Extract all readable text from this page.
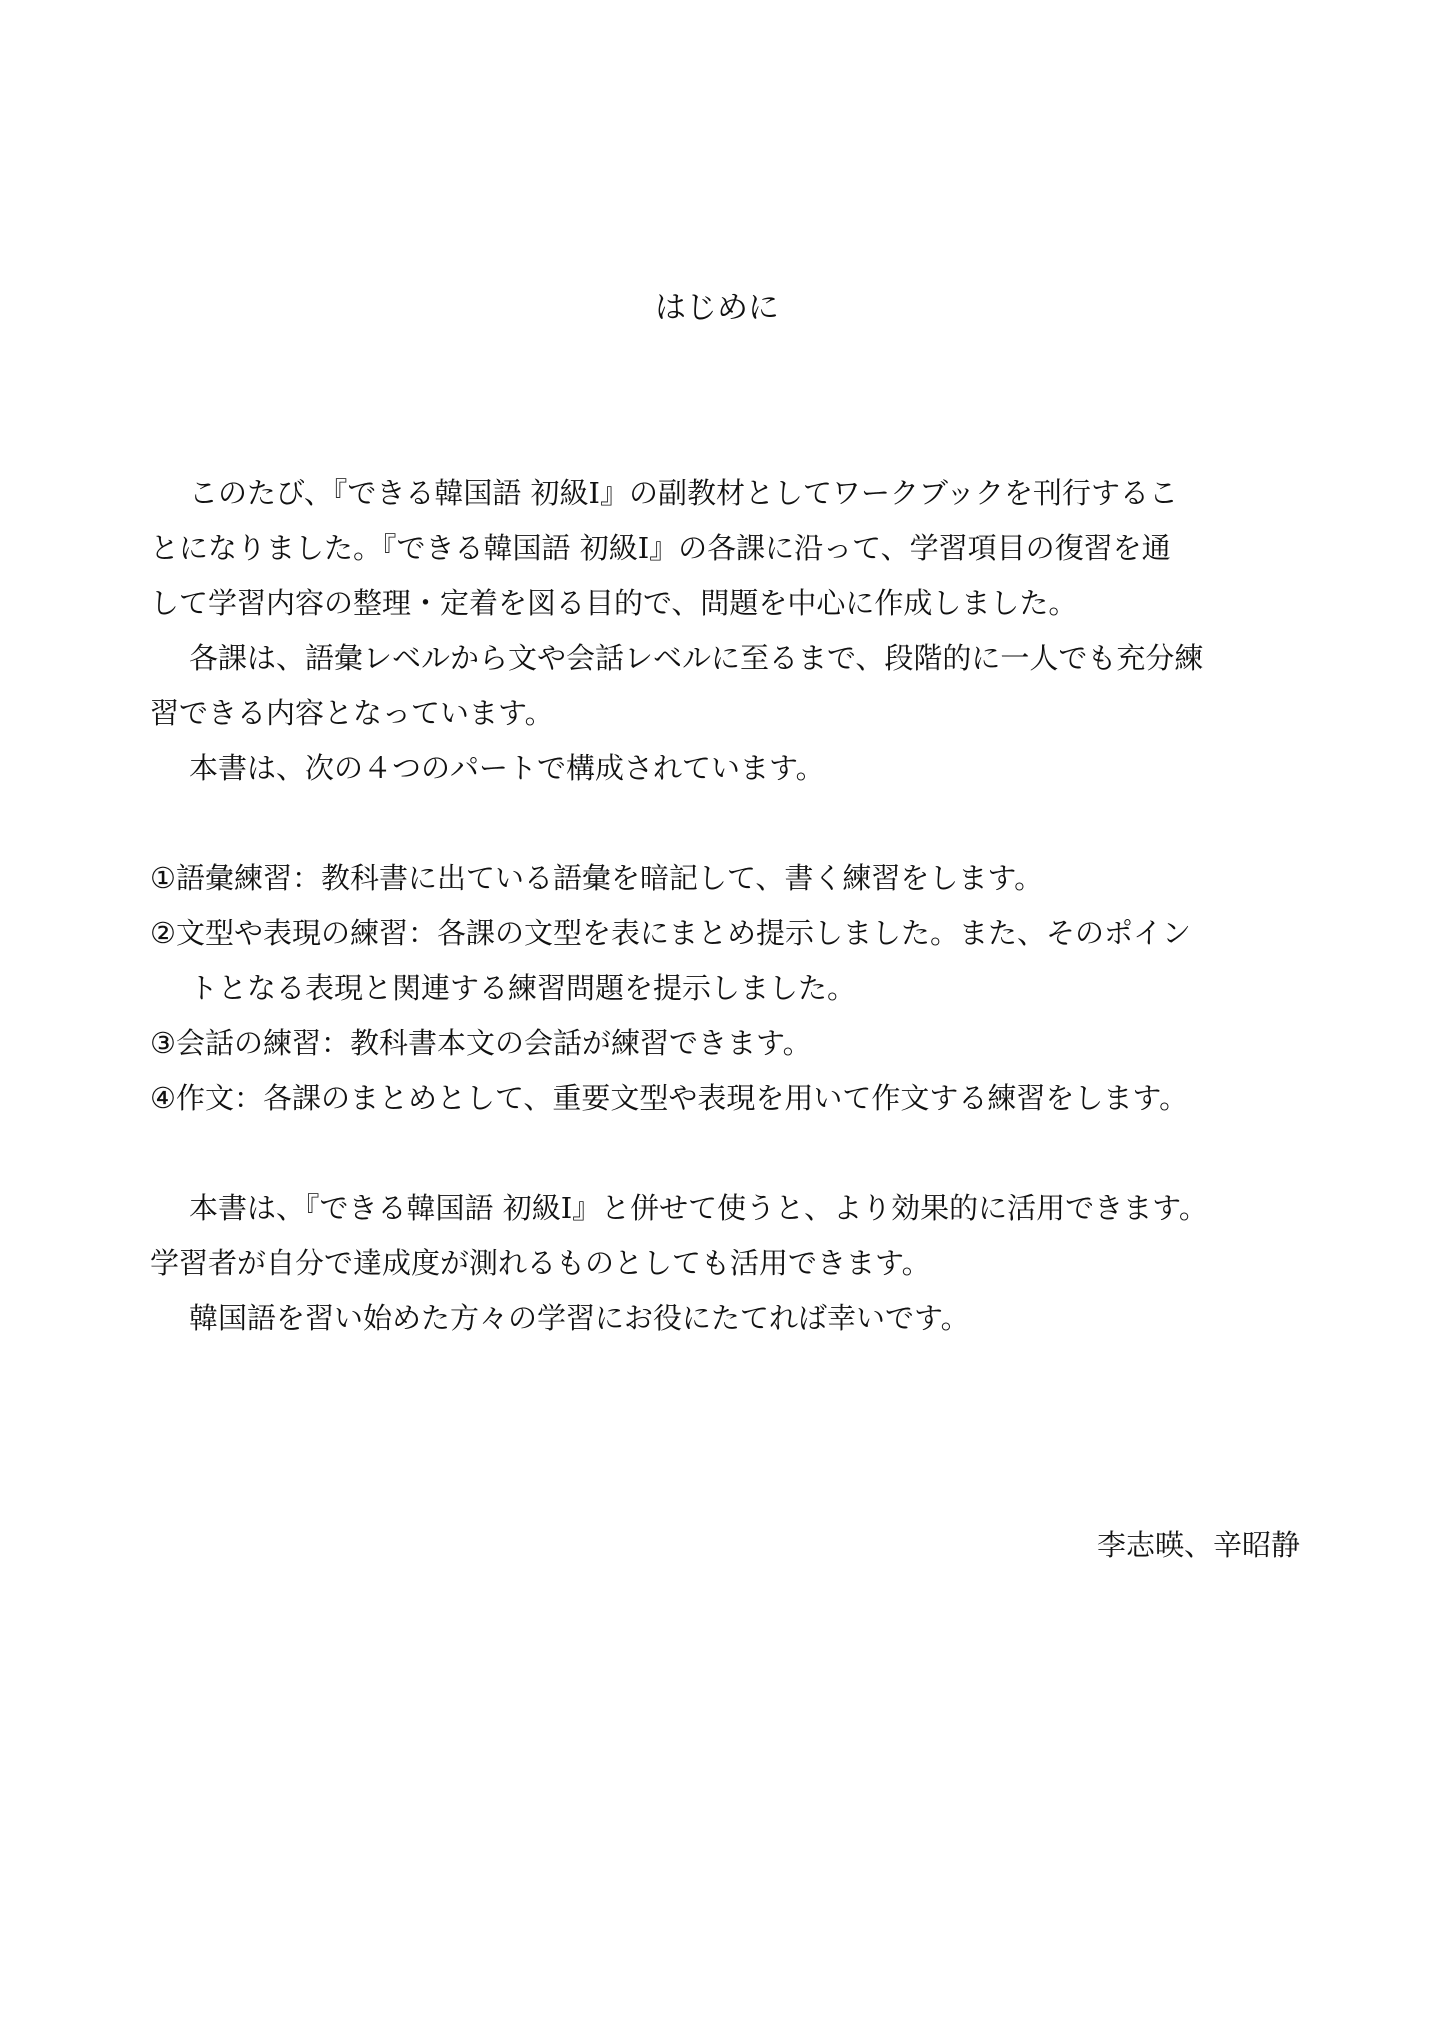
はじめに
このたび、『できる韓国語 初級Ⅰ』の副教材としてワークブックを刊行するこ
とになりました。『できる韓国語 初級Ⅰ』の各課に沿って、学習項目の復習を通
して学習内容の整理・定着を図る目的で、問題を中心に作成しました。
各課は、語彙レベルから文や会話レベルに至るまで、段階的に一人でも充分練
習できる内容となっています。
本書は、次の４つのパートで構成されています。
①語彙練習：教科書に出ている語彙を暗記して、書く練習をします。
②文型や表現の練習：各課の文型を表にまとめ提示しました。また、そのポイン
トとなる表現と関連する練習問題を提示しました。
③会話の練習：教科書本文の会話が練習できます。
④作文：各課のまとめとして、重要文型や表現を用いて作文する練習をします。
本書は、『できる韓国語 初級Ⅰ』と併せて使うと、より効果的に活用できます。
学習者が自分で達成度が測れるものとしても活用できます。
韓国語を習い始めた方々の学習にお役にたてれば幸いです。
李志暎、辛昭静
